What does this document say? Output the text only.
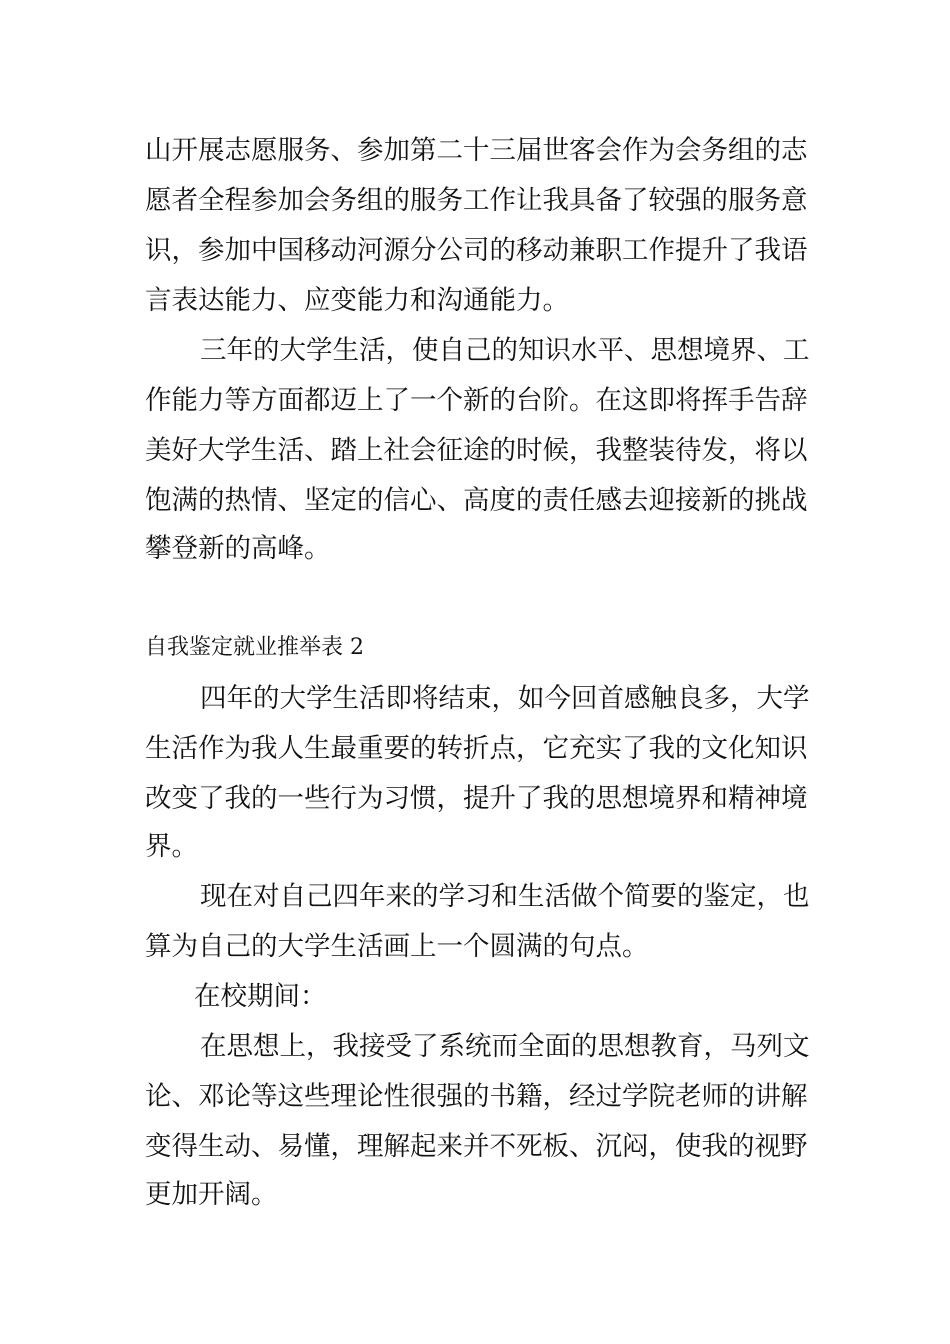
山开展志愿服务、参加第二十三届世客会作为会务组的志
愿者全程参加会务组的服务工作让我具备了较强的服务意
识，参加中国移动河源分公司的移动兼职工作提升了我语
言表达能力、应变能力和沟通能力。
三年的大学生活，使自己的知识水平、思想境界、工
作能力等方面都迈上了一个新的台阶。在这即将挥手告辞
美好大学生活、踏上社会征途的时候，我整装待发，将以
饱满的热情、坚定的信心、高度的责任感去迎接新的挑战
攀登新的高峰。
自我鉴定就业推举表 2
四年的大学生活即将结束，如今回首感触良多，大学
生活作为我人生最重要的转折点，它充实了我的文化知识
改变了我的一些行为习惯，提升了我的思想境界和精神境
界。
现在对自己四年来的学习和生活做个简要的鉴定，也
算为自己的大学生活画上一个圆满的句点。
在校期间：
在思想上，我接受了系统而全面的思想教育，马列文
论、邓论等这些理论性很强的书籍，经过学院老师的讲解
变得生动、易懂，理解起来并不死板、沉闷，使我的视野
更加开阔。
